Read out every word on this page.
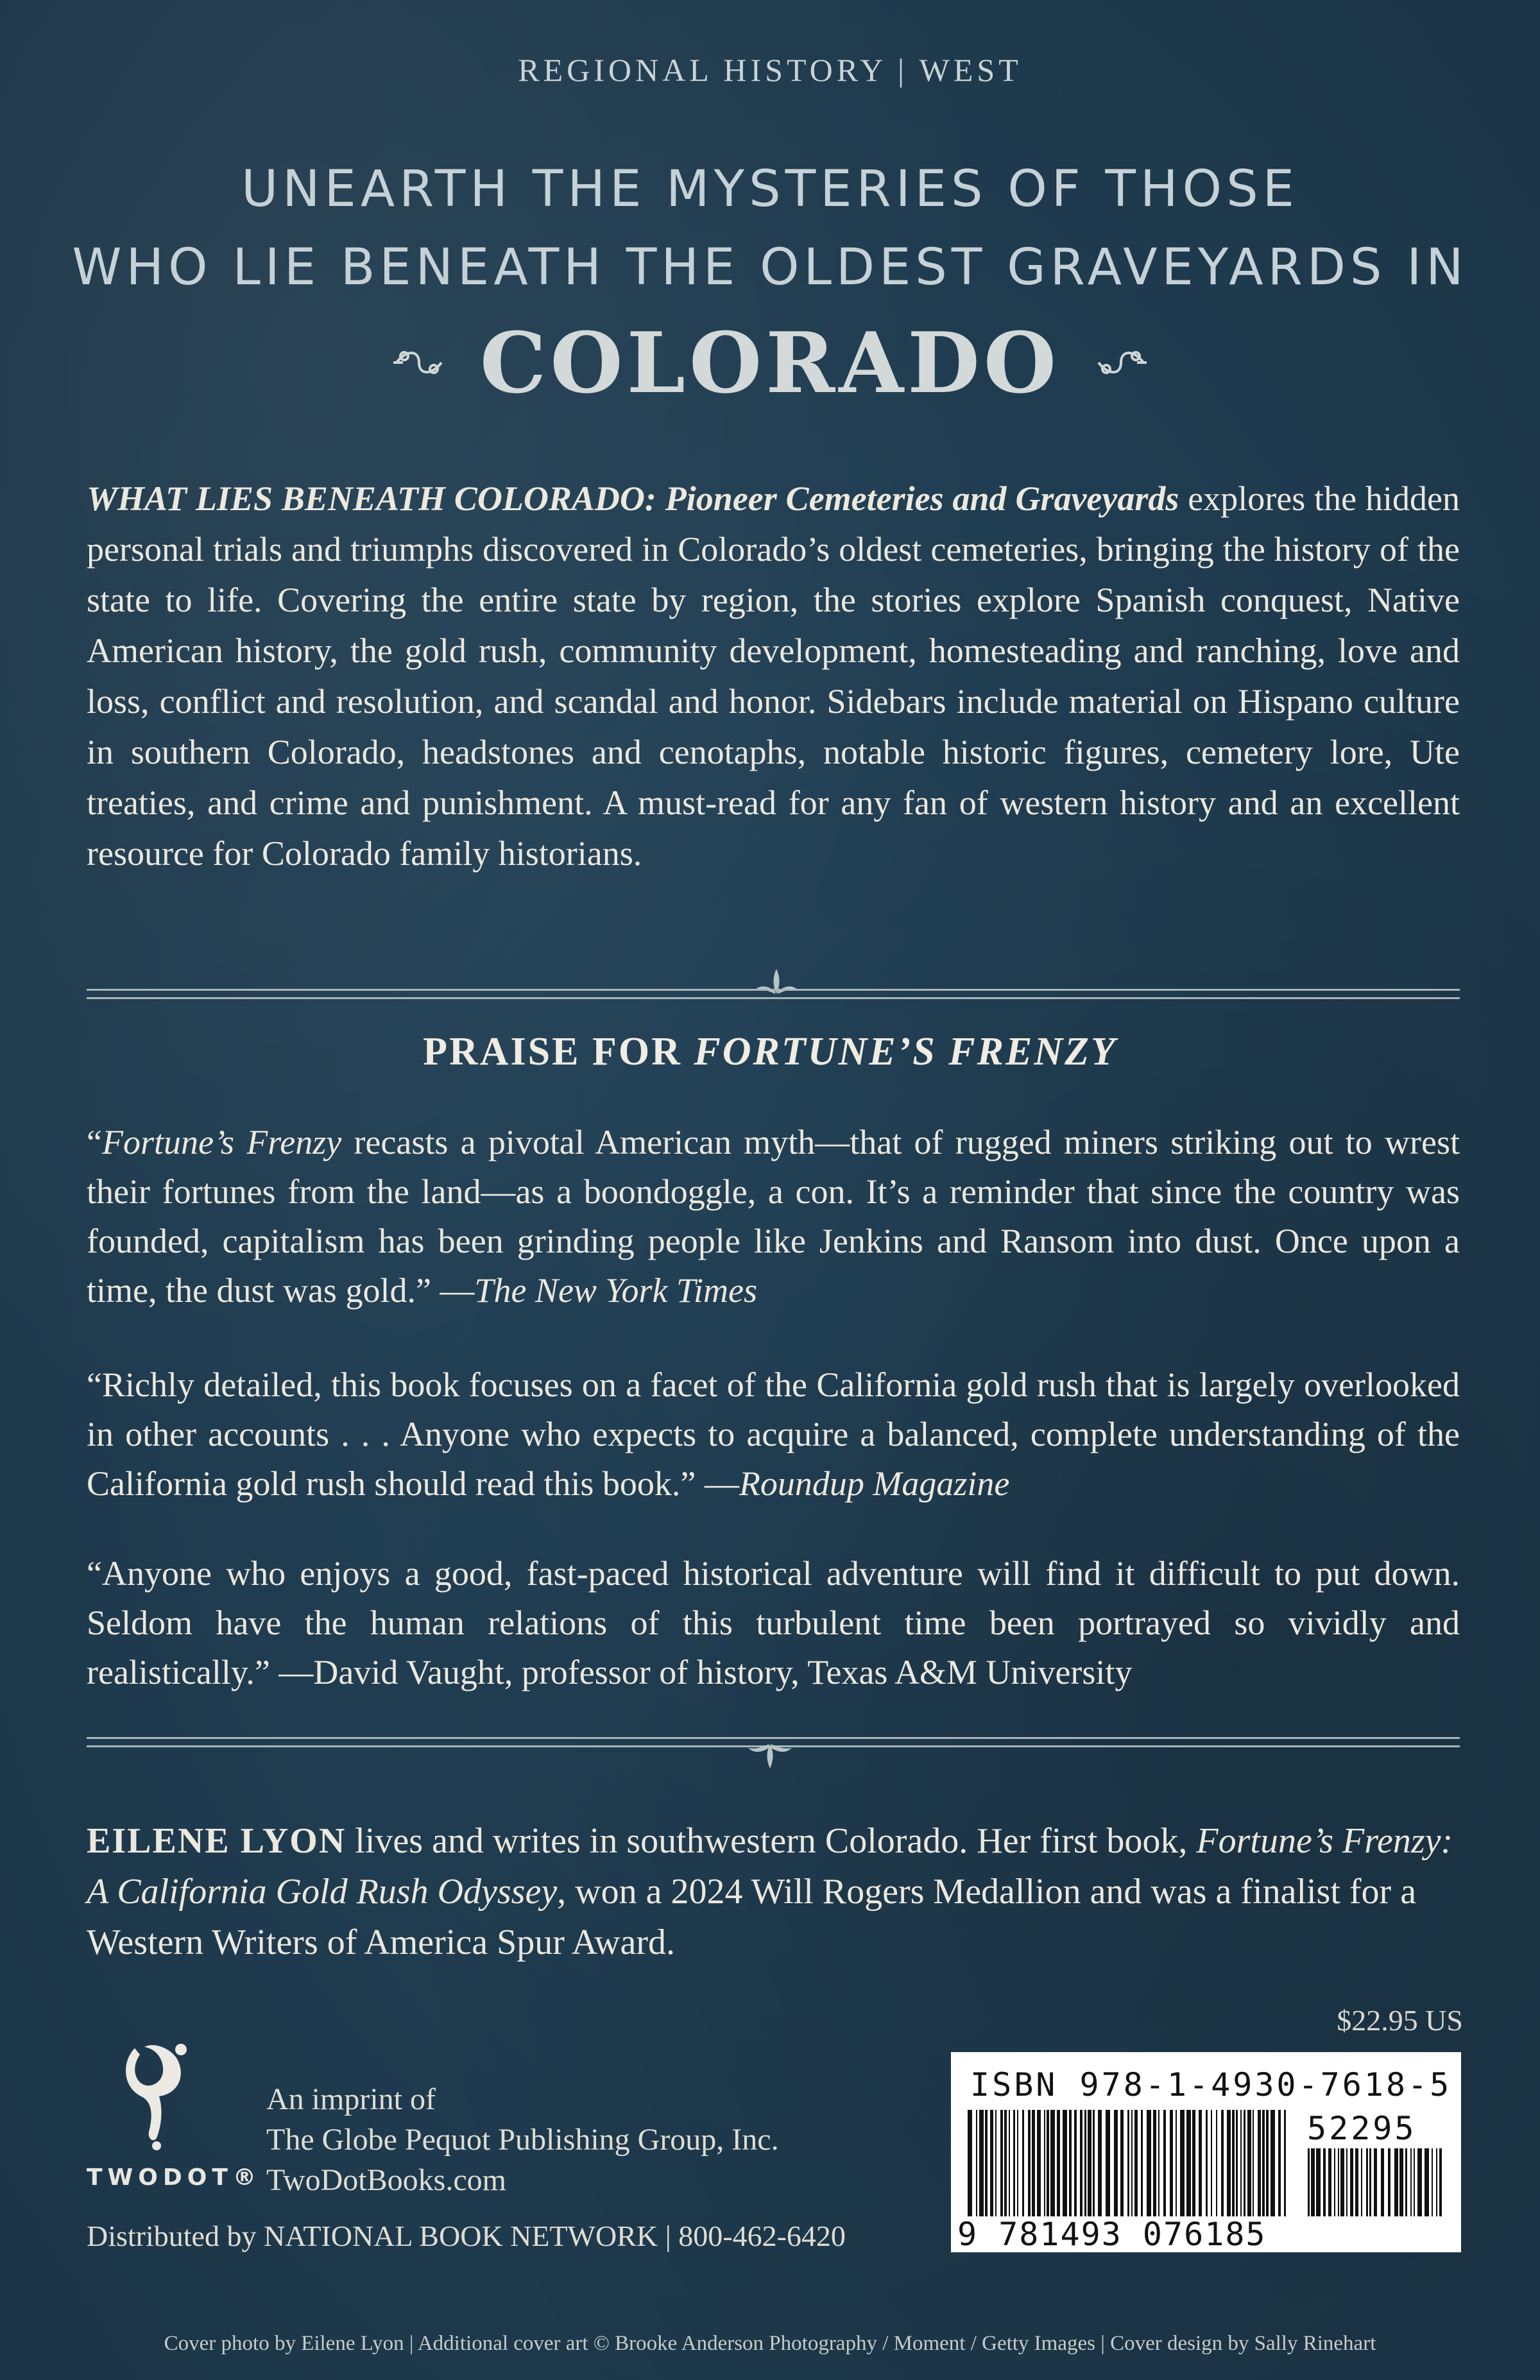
REGIONAL HISTORY | WEST
UNEARTH THE MYSTERIES OF THOSE
WHO LIE BENEATH THE OLDEST GRAVEYARDS IN
COLORADO
WHAT LIES BENEATH COLORADO: Pioneer Cemeteries and Graveyards explores the hidden personal trials and triumphs discovered in Colorado’s oldest cemeteries, bringing the history of the state to life. Covering the entire state by region, the stories explore Spanish conquest, Native American history, the gold rush, community development, homesteading and ranching, love and loss, conflict and resolution, and scandal and honor. Sidebars include material on Hispano culture in southern Colorado, headstones and cenotaphs, notable historic figures, cemetery lore, Ute treaties, and crime and punishment. A must-read for any fan of western history and an excellent resource for Colorado family historians.
PRAISE FOR FORTUNE’S FRENZY
“Fortune’s Frenzy recasts a pivotal American myth—that of rugged miners striking out to wrest their fortunes from the land—as a boondoggle, a con. It’s a reminder that since the country was founded, capitalism has been grinding people like Jenkins and Ransom into dust. Once upon a time, the dust was gold.” —The New York Times
“Richly detailed, this book focuses on a facet of the California gold rush that is largely overlooked in other accounts . . . Anyone who expects to acquire a balanced, complete understanding of the California gold rush should read this book.” —Roundup Magazine
“Anyone who enjoys a good, fast-paced historical adventure will find it difficult to put down. Seldom have the human relations of this turbulent time been portrayed so vividly and realistically.” —David Vaught, professor of history, Texas A&M University
EILENE LYON lives and writes in southwestern Colorado. Her first book, Fortune’s Frenzy: A California Gold Rush Odyssey, won a 2024 Will Rogers Medallion and was a finalist for a Western Writers of America Spur Award.
$22.95 US
TWODOT®
An imprint of
The Globe Pequot Publishing Group, Inc.
TwoDotBooks.com
Distributed by NATIONAL BOOK NETWORK | 800-462-6420
ISBN 978-1-4930-7618-5
52295
9 781493 076185
Cover photo by Eilene Lyon | Additional cover art © Brooke Anderson Photography / Moment / Getty Images | Cover design by Sally Rinehart
